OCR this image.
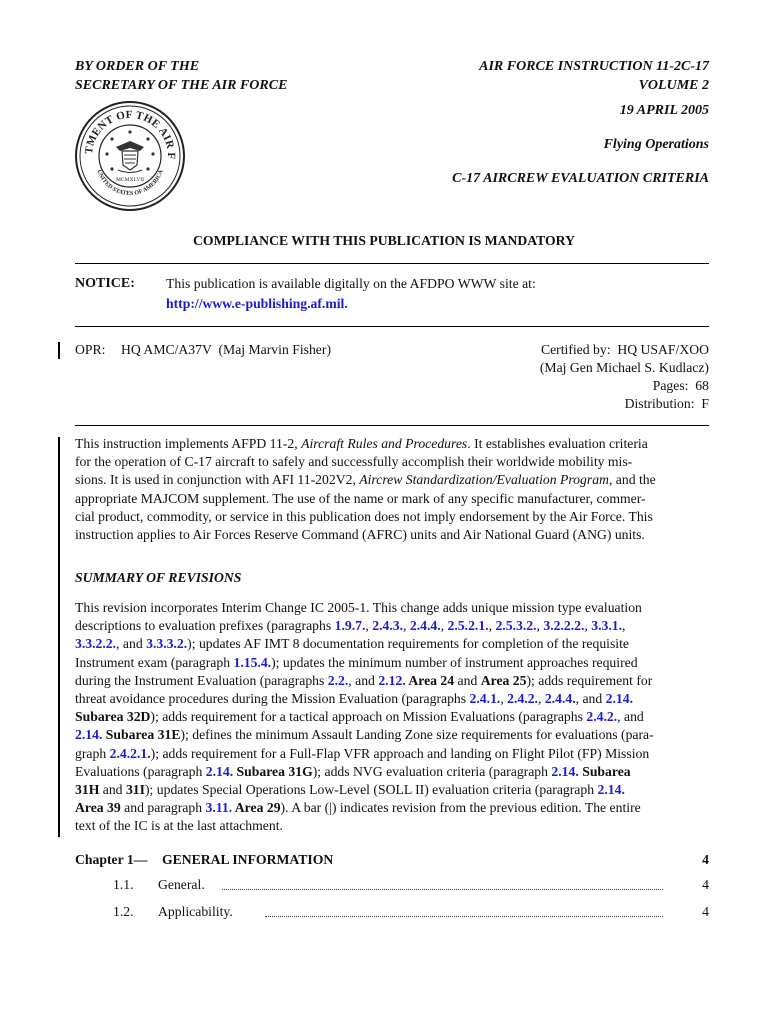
BY ORDER OF THE
SECRETARY OF THE AIR FORCE
AIR FORCE INSTRUCTION 11-2C-17
VOLUME 2
19 APRIL 2005
Flying Operations
C-17 AIRCREW EVALUATION CRITERIA
TMENT OF THE AIR F
UNITED STATES OF AMERICA
MCMXLVII
COMPLIANCE WITH THIS PUBLICATION IS MANDATORY
NOTICE: This publication is available digitally on the AFDPO WWW site at:
http://www.e-publishing.af.mil.
OPR: HQ AMC/A37V  (Maj Marvin Fisher)	Certified by:  HQ USAF/XOO
(Maj Gen Michael S. Kudlacz)
Pages:  68
Distribution:  F
This instruction implements AFPD 11-2, Aircraft Rules and Procedures. It establishes evaluation criteria
for the operation of C-17 aircraft to safely and successfully accomplish their worldwide mobility mis-
sions. It is used in conjunction with AFI 11-202V2, Aircrew Standardization/Evaluation Program, and the
appropriate MAJCOM supplement. The use of the name or mark of any specific manufacturer, commer-
cial product, commodity, or service in this publication does not imply endorsement by the Air Force. This
instruction applies to Air Forces Reserve Command (AFRC) units and Air National Guard (ANG) units.
SUMMARY OF REVISIONS
This revision incorporates Interim Change IC 2005-1. This change adds unique mission type evaluation
descriptions to evaluation prefixes (paragraphs 1.9.7., 2.4.3., 2.4.4., 2.5.2.1., 2.5.3.2., 3.2.2.2., 3.3.1.,
3.3.2.2., and 3.3.3.2.); updates AF IMT 8 documentation requirements for completion of the requisite
Instrument exam (paragraph 1.15.4.); updates the minimum number of instrument approaches required
during the Instrument Evaluation (paragraphs 2.2., and 2.12. Area 24 and Area 25); adds requirement for
threat avoidance procedures during the Mission Evaluation (paragraphs 2.4.1., 2.4.2., 2.4.4., and 2.14.
Subarea 32D); adds requirement for a tactical approach on Mission Evaluations (paragraphs 2.4.2., and
2.14. Subarea 31E); defines the minimum Assault Landing Zone size requirements for evaluations (para-
graph 2.4.2.1.); adds requirement for a Full-Flap VFR approach and landing on Flight Pilot (FP) Mission
Evaluations (paragraph 2.14. Subarea 31G); adds NVG evaluation criteria (paragraph 2.14. Subarea
31H and 31I); updates Special Operations Low-Level (SOLL II) evaluation criteria (paragraph 2.14.
Area 39 and paragraph 3.11. Area 29). A bar (|) indicates revision from the previous edition. The entire
text of the IC is at the last attachment.
Chapter 1— GENERAL INFORMATION	4
1.1. General.	4
1.2. Applicability.	4
